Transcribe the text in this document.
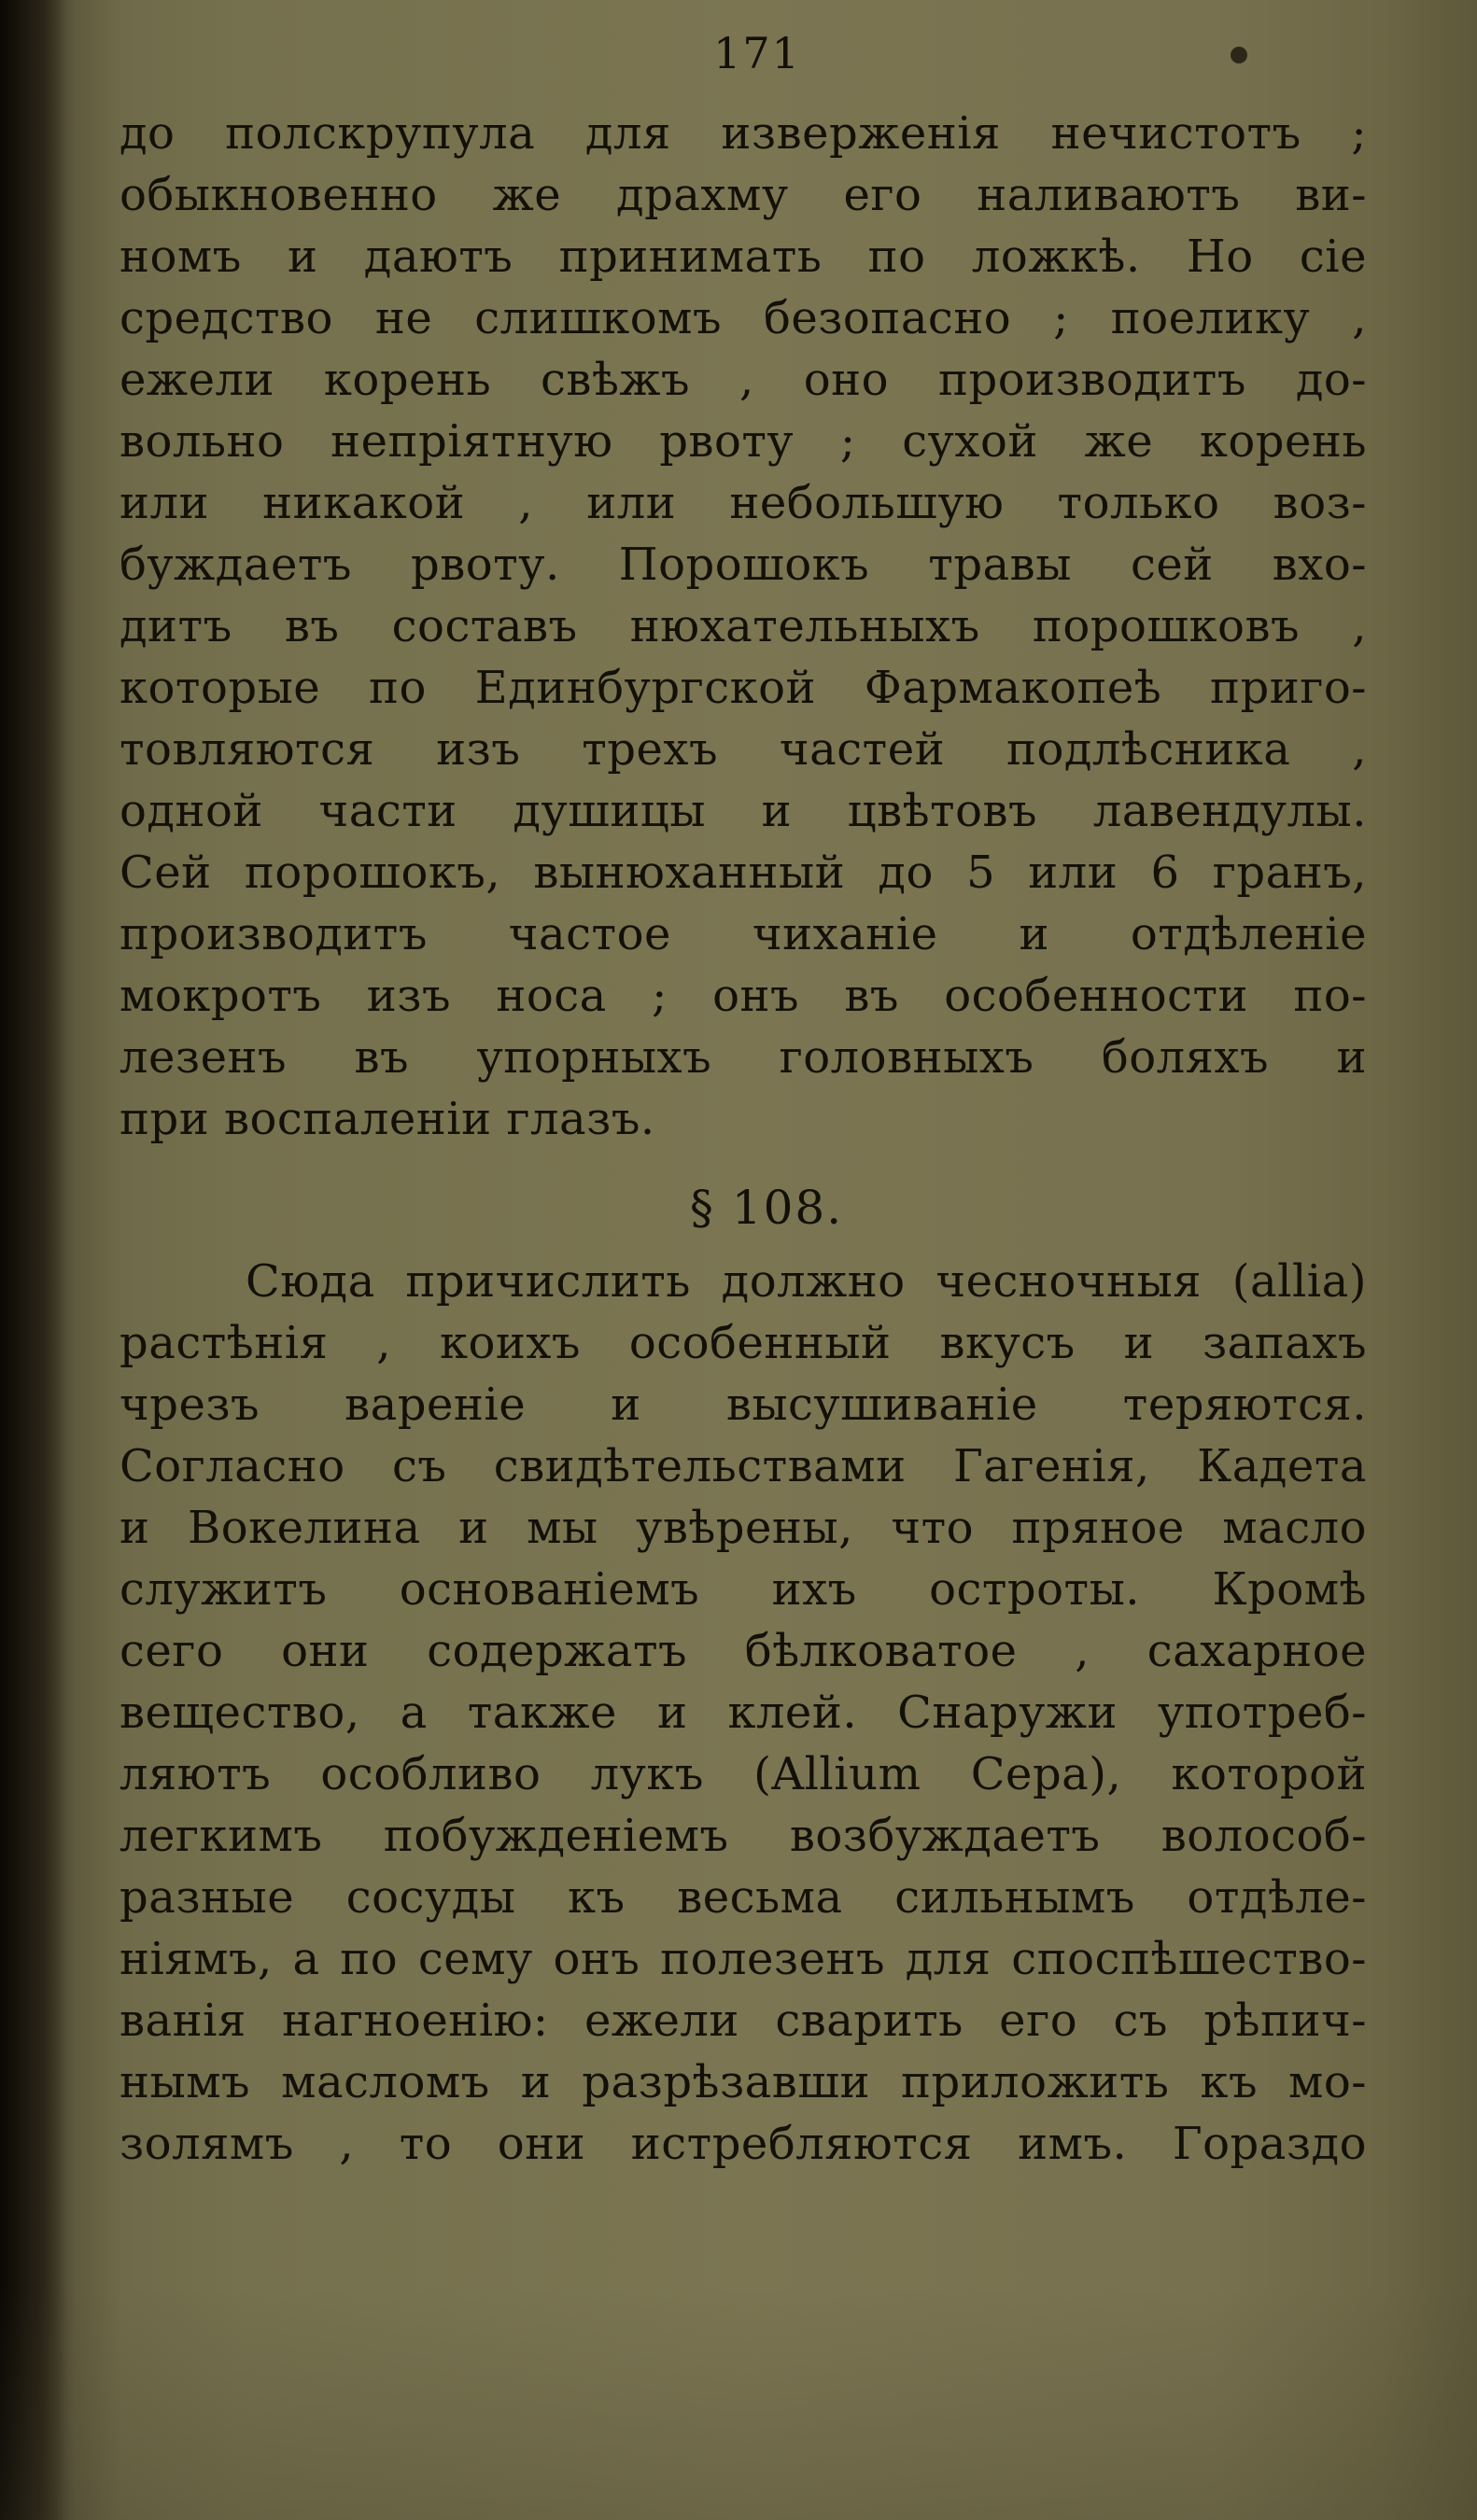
171
до полскрупула для изверженія нечистотъ ;
обыкновенно же драхму его наливаютъ ви-
номъ и даютъ принимать по ложкѣ. Но сіе
средство не слишкомъ безопасно ; поелику ,
ежели корень свѣжъ , оно производитъ до-
вольно непріятную рвоту ; сухой же корень
или никакой , или небольшую только воз-
буждаетъ рвоту. Порошокъ травы сей вхо-
дитъ въ составъ нюхательныхъ порошковъ ,
которые по Единбургской Фармакопеѣ приго-
товляются изъ трехъ частей подлѣсника ,
одной части душицы и цвѣтовъ лавендулы.
Сей порошокъ, вынюханный до 5 или 6 гранъ,
производитъ частое чиханіе и отдѣленіе
мокротъ изъ носа ; онъ въ особенности по-
лезенъ въ упорныхъ головныхъ боляхъ и
при воспаленіи глазъ.
§ 108.
Сюда причислить должно чесночныя (allia)
растѣнія , коихъ особенный вкусъ и запахъ
чрезъ вареніе и высушиваніе теряются.
Согласно съ свидѣтельствами Гагенія, Кадета
и Вокелина и мы увѣрены, что пряное масло
служитъ основаніемъ ихъ остроты. Кромѣ
сего они содержатъ бѣлковатое , сахарное
вещество, а также и клей. Снаружи употреб-
ляютъ особливо лукъ (Allium Cepa), которой
легкимъ побужденіемъ возбуждаетъ волособ-
разные сосуды къ весьма сильнымъ отдѣле-
ніямъ, а по сему онъ полезенъ для споспѣшество-
ванія нагноенію: ежели сварить его съ рѣпич-
нымъ масломъ и разрѣзавши приложить къ мо-
золямъ , то они истребляются имъ. Гораздо
